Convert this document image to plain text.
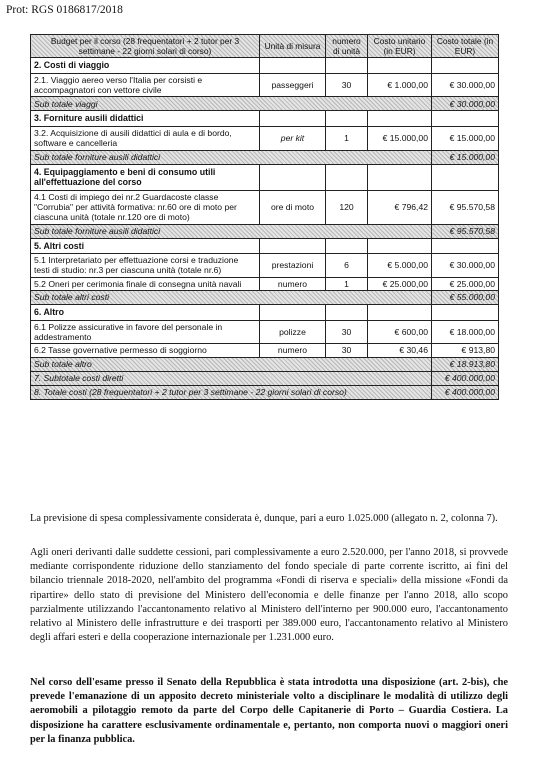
Prot: RGS 0186817/2018
Budget per il corso (28 frequentatori + 2 tutor per 3 settimane - 22 giorni solari di corso)	Unità di misura	numero di unità	Costo unitario (in EUR)	Costo totale (in EUR)
2. Costi di viaggio				
2.1. Viaggio aereo verso l'Italia per corsisti e accompagnatori con vettore civile	passeggeri	30	€ 1.000,00	€ 30.000,00
Sub totale viaggi				€ 30.000,00
3. Forniture ausili didattici				
3.2. Acquisizione di ausili didattici di aula e di bordo, software e cancelleria	per kit	1	€ 15.000,00	€ 15.000,00
Sub totale forniture ausili didattici				€ 15.000,00
4. Equipaggiamento e beni di consumo utili all'effettuazione del corso				
4.1 Costi di impiego dei nr.2 Guardacoste classe "Corrubia" per attività formativa: nr.60 ore di moto per ciascuna unità (totale nr.120 ore di moto)	ore di moto	120	€ 796,42	€ 95.570,58
Sub totale forniture ausili didattici				€ 95.570,58
5. Altri costi				
5.1 Interpretariato per effettuazione corsi e traduzione testi di studio: nr.3 per ciascuna unità (totale nr.6)	prestazioni	6	€ 5.000,00	€ 30.000,00
5.2 Oneri per cerimonia finale di consegna unità navali	numero	1	€ 25.000,00	€ 25.000,00
Sub totale altri costi				€ 55.000,00
6. Altro				
6.1 Polizze assicurative in favore del personale in addestramento	polizze	30	€ 600,00	€ 18.000,00
6.2 Tasse governative permesso di soggiorno	numero	30	€ 30,46	€ 913,80
Sub totale altro				€ 18.913,80
7. Subtotale costi diretti				€ 400.000,00
8. Totale costi (28 frequentatori + 2 tutor per 3 settimane - 22 giorni solari di corso)				€ 400.000,00

La previsione di spesa complessivamente considerata è, dunque, pari a euro 1.025.000 (allegato n. 2, colonna 7).

Agli oneri derivanti dalle suddette cessioni, pari complessivamente a euro 2.520.000, per l'anno 2018, si provvede mediante corrispondente riduzione dello stanziamento del fondo speciale di parte corrente iscritto, ai fini del bilancio triennale 2018-2020, nell'ambito del programma «Fondi di riserva e speciali» della missione «Fondi da ripartire» dello stato di previsione del Ministero dell'economia e delle finanze per l'anno 2018, allo scopo parzialmente utilizzando l'accantonamento relativo al Ministero dell'interno per 900.000 euro, l'accantonamento relativo al Ministero delle infrastrutture e dei trasporti per 389.000 euro, l'accantonamento relativo al Ministero degli affari esteri e della cooperazione internazionale per 1.231.000 euro.

Nel corso dell'esame presso il Senato della Repubblica è stata introdotta una disposizione (art. 2-bis), che prevede l'emanazione di un apposito decreto ministeriale volto a disciplinare le modalità di utilizzo degli aeromobili a pilotaggio remoto da parte del Corpo delle Capitanerie di Porto – Guardia Costiera. La disposizione ha carattere esclusivamente ordinamentale e, pertanto, non comporta nuovi o maggiori oneri per la finanza pubblica.
